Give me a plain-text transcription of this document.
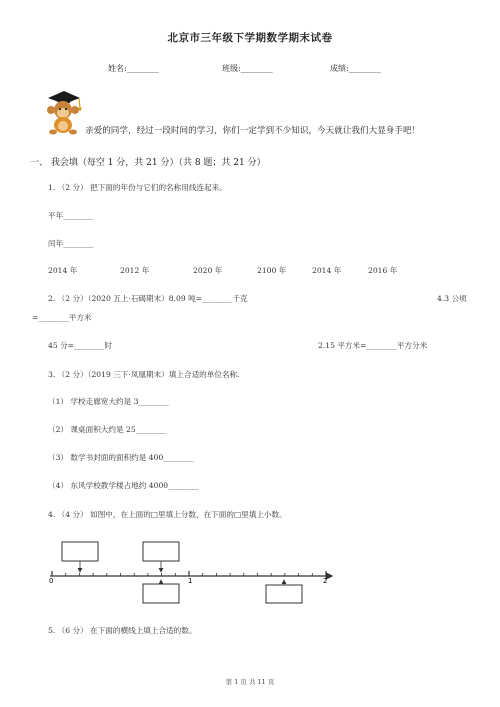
北京市三年级下学期数学期末试卷
姓名:________	班级:________	成绩:________
亲爱的同学，经过一段时间的学习，你们一定学到不少知识，今天就让我们大显身手吧！
一、 我会填（每空 1 分，共 21 分）（共 8 题；共 21 分）
1. （2 分） 把下面的年份与它们的名称用线连起来。
平年________
闰年________
2014 年	2012 年	2020 年	2100 年	2014 年	2016 年
2. （2 分）（2020 五上·石碣期末）8.09 吨=________千克	4.3 公顷
=________平方米
45 分=________时	2.15 平方米=________平方分米
3. （2 分）（2019 三下·凤凰期末）填上合适的单位名称.
（1） 学校走廊宽大约是 3________
（2） 课桌面积大约是 25________
（3） 数学书封面的面积约是 400________
（4） 东风学校教学楼占地约 4000________
4. （4 分） 如图中，在上面的□里填上分数，在下面的□里填上小数。
0	1	2
5. （6 分） 在下面的横线上填上合适的数。
第 1 页 共 11 页
